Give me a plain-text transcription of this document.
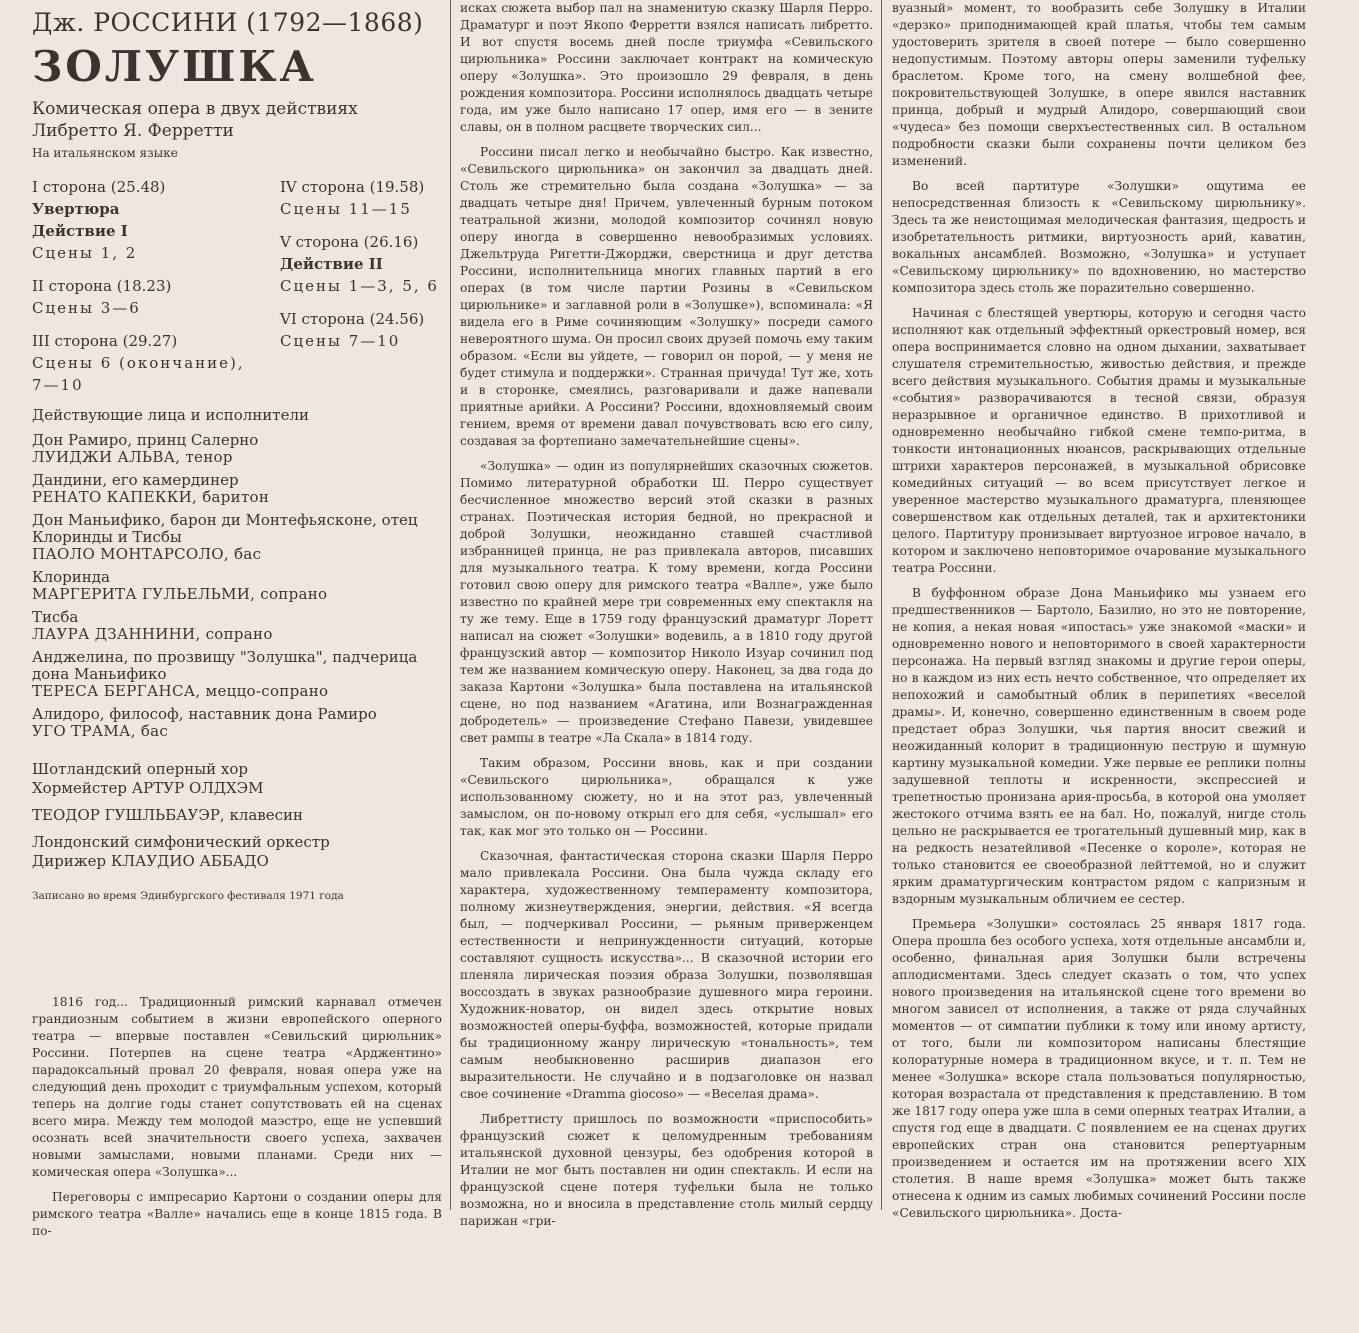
Дж. РОССИНИ (1792—1868)
ЗОЛУШКА
Комическая опера в двух действиях
Либретто Я. Ферретти
На итальянском языке
I сторона (25.48)
Увертюра
Действие I
Сцены 1, 2
II сторона (18.23)
Сцены 3—6
III сторона (29.27)
Сцены 6 (окончание),
7—10
IV сторона (19.58)
Сцены 11—15
V сторона (26.16)
Действие II
Сцены 1—3, 5, 6
VI сторона (24.56)
Сцены 7—10
Действующие лица и исполнители
Дон Рамиро, принц Салерно
ЛУИДЖИ АЛЬВА, тенор
Дандини, его камердинер
РЕНАТО КАПЕККИ, баритон
Дон Маньифико, барон ди Монтефьясконе, отец Клоринды и Тисбы
ПАОЛО МОНТАРСОЛО, бас
Клоринда
МАРГЕРИТА ГУЛЬЕЛЬМИ, сопрано
Тисба
ЛАУРА ДЗАННИНИ, сопрано
Анджелина, по прозвищу "Золушка", падчерица дона Маньифико
ТЕРЕСА БЕРГАНСА, меццо-сопрано
Алидоро, философ, наставник дона Рамиро
УГО ТРАМА, бас
Шотландский оперный хор
Хормейстер АРТУР ОЛДХЭМ
ТЕОДОР ГУШЛЬБАУЭР, клавесин
Лондонский симфонический оркестр
Дирижер КЛАУДИО АББАДО
Записано во время Эдинбургского фестиваля 1971 года

1816 год... Традиционный римский карнавал отмечен грандиозным событием в жизни европейского оперного театра — впервые поставлен «Севильский цирюльник» Россини. Потерпев на сцене театра «Арджентино» парадоксальный провал 20 февраля, новая опера уже на следующий день проходит с триумфальным успехом, который теперь на долгие годы станет сопутствовать ей на сценах всего мира. Между тем молодой маэстро, еще не успевший осознать всей значительности своего успеха, захвачен новыми замыслами, новыми планами. Среди них — комическая опера «Золушка»...

Переговоры с импресарио Картони о создании оперы для римского театра «Валле» начались еще в конце 1815 года. В по-

исках сюжета выбор пал на знаменитую сказку Шарля Перро. Драматург и поэт Якопо Ферретти взялся написать либретто. И вот спустя восемь дней после триумфа «Севильского цирюльника» Россини заключает контракт на комическую оперу «Золушка». Это произошло 29 февраля, в день рождения композитора. Россини исполнялось двадцать четыре года, им уже было написано 17 опер, имя его — в зените славы, он в полном расцвете творческих сил...

Россини писал легко и необычайно быстро. Как известно, «Севильского цирюльника» он закончил за двадцать дней. Столь же стремительно была создана «Золушка» — за двадцать четыре дня! Причем, увлеченный бурным потоком театральной жизни, молодой композитор сочинял новую оперу иногда в совершенно невообразимых условиях. Джельтруда Ригетти-Джорджи, сверстница и друг детства Россини, исполнительница многих главных партий в его операх (в том числе партии Розины в «Севильском цирюльнике» и заглавной роли в «Золушке»), вспоминала: «Я видела его в Риме сочиняющим «Золушку» посреди самого невероятного шума. Он просил своих друзей помочь ему таким образом. «Если вы уйдете, — говорил он порой, — у меня не будет стимула и поддержки». Странная причуда! Тут же, хоть и в сторонке, смеялись, разговаривали и даже напевали приятные арийки. А Россини? Россини, вдохновляемый своим гением, время от времени давал почувствовать всю его силу, создавая за фортепиано замечательнейшие сцены».

«Золушка» — один из популярнейших сказочных сюжетов. Помимо литературной обработки Ш. Перро существует бесчисленное множество версий этой сказки в разных странах. Поэтическая история бедной, но прекрасной и доброй Золушки, неожиданно ставшей счастливой избранницей принца, не раз привлекала авторов, писавших для музыкального театра. К тому времени, когда Россини готовил свою оперу для римского театра «Валле», уже было известно по крайней мере три современных ему спектакля на ту же тему. Еще в 1759 году французский драматург Лоретт написал на сюжет «Золушки» водевиль, а в 1810 году другой французский автор — композитор Николо Изуар сочинил под тем же названием комическую оперу. Наконец, за два года до заказа Картони «Золушка» была поставлена на итальянской сцене, но под названием «Агатина, или Вознагражденная добродетель» — произведение Стефано Павези, увидевшее свет рампы в театре «Ла Скала» в 1814 году.

Таким образом, Россини вновь, как и при создании «Севильского цирюльника», обращался к уже использованному сюжету, но и на этот раз, увлеченный замыслом, он по-новому открыл его для себя, «услышал» его так, как мог это только он — Россини.

Сказочная, фантастическая сторона сказки Шарля Перро мало привлекала Россини. Она была чужда складу его характера, художественному темпераменту композитора, полному жизнеутверждения, энергии, действия. «Я всегда был, — подчеркивал Россини, — рьяным приверженцем естественности и непринужденности ситуаций, которые составляют сущность искусства»... В сказочной истории его пленяла лирическая поэзия образа Золушки, позволявшая воссоздать в звуках разнообразие душевного мира героини. Художник-новатор, он видел здесь открытие новых возможностей оперы-буффа, возможностей, которые придали бы традиционному жанру лирическую «тональность», тем самым необыкновенно расширив диапазон его выразительности. Не случайно и в подзаголовке он назвал свое сочинение «Dramma giocoso» — «Веселая драма».

Либреттисту пришлось по возможности «приспособить» французский сюжет к целомудренным требованиям итальянской духовной цензуры, без одобрения которой в Италии не мог быть поставлен ни один спектакль. И если на французской сцене потеря туфельки была не только возможна, но и вносила в представление столь милый сердцу парижан «гри-

вуазный» момент, то вообразить себе Золушку в Италии «дерзко» приподнимающей край платья, чтобы тем самым удостоверить зрителя в своей потере — было совершенно недопустимым. Поэтому авторы оперы заменили туфельку браслетом. Кроме того, на смену волшебной фее, покровительствующей Золушке, в опере явился наставник принца, добрый и мудрый Алидоро, совершающий свои «чудеса» без помощи сверхъестественных сил. В остальном подробности сказки были сохранены почти целиком без изменений.

Во всей партитуре «Золушки» ощутима ее непосредственная близость к «Севильскому цирюльнику». Здесь та же неистощимая мелодическая фантазия, щедрость и изобретательность ритмики, виртуозность арий, каватин, вокальных ансамблей. Возможно, «Золушка» и уступает «Севильскому цирюльнику» по вдохновению, но мастерство композитора здесь столь же порazительно совершенно.

Начиная с блестящей увертюры, которую и сегодня часто исполняют как отдельный эффектный оркестровый номер, вся опера воспринимается словно на одном дыхании, захватывает слушателя стремительностью, живостью действия, и прежде всего действия музыкального. События драмы и музыкальные «события» разворачиваются в тесной связи, образуя неразрывное и органичное единство. В прихотливой и одновременно необычайно гибкой смене темпо-ритма, в тонкости интонационных нюансов, раскрывающих отдельные штрихи характеров персонажей, в музыкальной обрисовке комедийных ситуаций — во всем присутствует легкое и уверенное мастерство музыкального драматурга, пленяющее совершенством как отдельных деталей, так и архитектоники целого. Партитуру пронизывает виртуозное игровое начало, в котором и заключено неповторимое очарование музыкального театра Россини.

В буффонном образе Дона Маньифико мы узнаем его предшественников — Бартоло, Базилио, но это не повторение, не копия, а некая новая «ипостась» уже знакомой «маски» и одновременно нового и неповторимого в своей характерности персонажа. На первый взгляд знакомы и другие герои оперы, но в каждом из них есть нечто собственное, что определяет их непохожий и самобытный облик в перипетиях «веселой драмы». И, конечно, совершенно единственным в своем роде предстает образ Золушки, чья партия вносит свежий и неожиданный колорит в традиционную пеструю и шумную картину музыкальной комедии. Уже первые ее реплики полны задушевной теплоты и искренности, экспрессией и трепетностью пронизана ария-просьба, в которой она умоляет жестокого отчима взять ее на бал. Но, пожалуй, нигде столь цельно не раскрывается ее трогательный душевный мир, как в на редкость незатейливой «Песенке о короле», которая не только становится ее своеобразной лейттемой, но и служит ярким драматургическим контрастом рядом с капризным и вздорным музыкальным обличием ее сестер.

Премьера «Золушки» состоялась 25 января 1817 года. Опера прошла без особого успеха, хотя отдельные ансамбли и, особенно, финальная ария Золушки были встречены аплодисментами. Здесь следует сказать о том, что успех нового произведения на итальянской сцене того времени во многом зависел от исполнения, а также от ряда случайных моментов — от симпатии публики к тому или иному артисту, от того, были ли композитором написаны блестящие колоратурные номера в традиционном вкусе, и т. п. Тем не менее «Золушка» вскоре стала пользоваться популярностью, которая возрастала от представления к представлению. В том же 1817 году опера уже шла в семи оперных театрах Италии, а спустя год еще в двадцати. С появлением ее на сценах других европейских стран она становится репертуарным произведением и остается им на протяжении всего XIX столетия. В наше время «Золушка» может быть также отнесена к одним из самых любимых сочинений Россини после «Севильского цирюльника». Доста-
